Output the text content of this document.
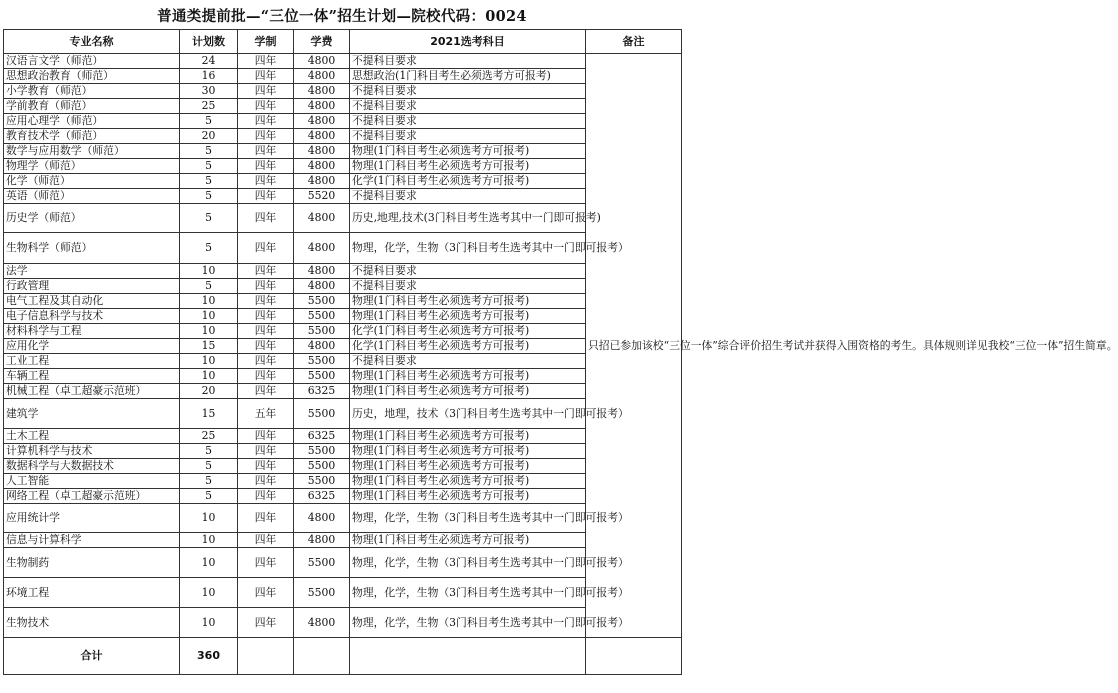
普通类提前批—“三位一体”招生计划—院校代码：0024
专业名称	计划数	学制	学费	2021选考科目	备注
汉语言文学（师范）	24	四年	4800	不提科目要求	只招已参加该校“三位一体”综合评价招生考试并获得入围资格的考生。具体规则详见我校“三位一体”招生简章。
思想政治教育（师范）	16	四年	4800	思想政治(1门科目考生必须选考方可报考)	
小学教育（师范）	30	四年	4800	不提科目要求	
学前教育（师范）	25	四年	4800	不提科目要求	
应用心理学（师范）	5	四年	4800	不提科目要求	
教育技术学（师范）	20	四年	4800	不提科目要求	
数学与应用数学（师范）	5	四年	4800	物理(1门科目考生必须选考方可报考)	
物理学（师范）	5	四年	4800	物理(1门科目考生必须选考方可报考)	
化学（师范）	5	四年	4800	化学(1门科目考生必须选考方可报考)	
英语（师范）	5	四年	5520	不提科目要求	
历史学（师范）	5	四年	4800	历史,地理,技术(3门科目考生选考其中一门即可报考)	
生物科学（师范）	5	四年	4800	物理，化学，生物（3门科目考生选考其中一门即可报考）	
法学	10	四年	4800	不提科目要求	
行政管理	5	四年	4800	不提科目要求	
电气工程及其自动化	10	四年	5500	物理(1门科目考生必须选考方可报考)	
电子信息科学与技术	10	四年	5500	物理(1门科目考生必须选考方可报考)	
材料科学与工程	10	四年	5500	化学(1门科目考生必须选考方可报考)	
应用化学	15	四年	4800	化学(1门科目考生必须选考方可报考)	
工业工程	10	四年	5500	不提科目要求	
车辆工程	10	四年	5500	物理(1门科目考生必须选考方可报考)	
机械工程（卓工超豪示范班）	20	四年	6325	物理(1门科目考生必须选考方可报考)	
建筑学	15	五年	5500	历史，地理，技术（3门科目考生选考其中一门即可报考）	
土木工程	25	四年	6325	物理(1门科目考生必须选考方可报考)	
计算机科学与技术	5	四年	5500	物理(1门科目考生必须选考方可报考)	
数据科学与大数据技术	5	四年	5500	物理(1门科目考生必须选考方可报考)	
人工智能	5	四年	5500	物理(1门科目考生必须选考方可报考)	
网络工程（卓工超豪示范班）	5	四年	6325	物理(1门科目考生必须选考方可报考)	
应用统计学	10	四年	4800	物理，化学，生物（3门科目考生选考其中一门即可报考）	
信息与计算科学	10	四年	4800	物理(1门科目考生必须选考方可报考)	
生物制药	10	四年	5500	物理，化学，生物（3门科目考生选考其中一门即可报考）	
环境工程	10	四年	5500	物理，化学，生物（3门科目考生选考其中一门即可报考）	
生物技术	10	四年	4800	物理，化学，生物（3门科目考生选考其中一门即可报考）	
合计	360				
